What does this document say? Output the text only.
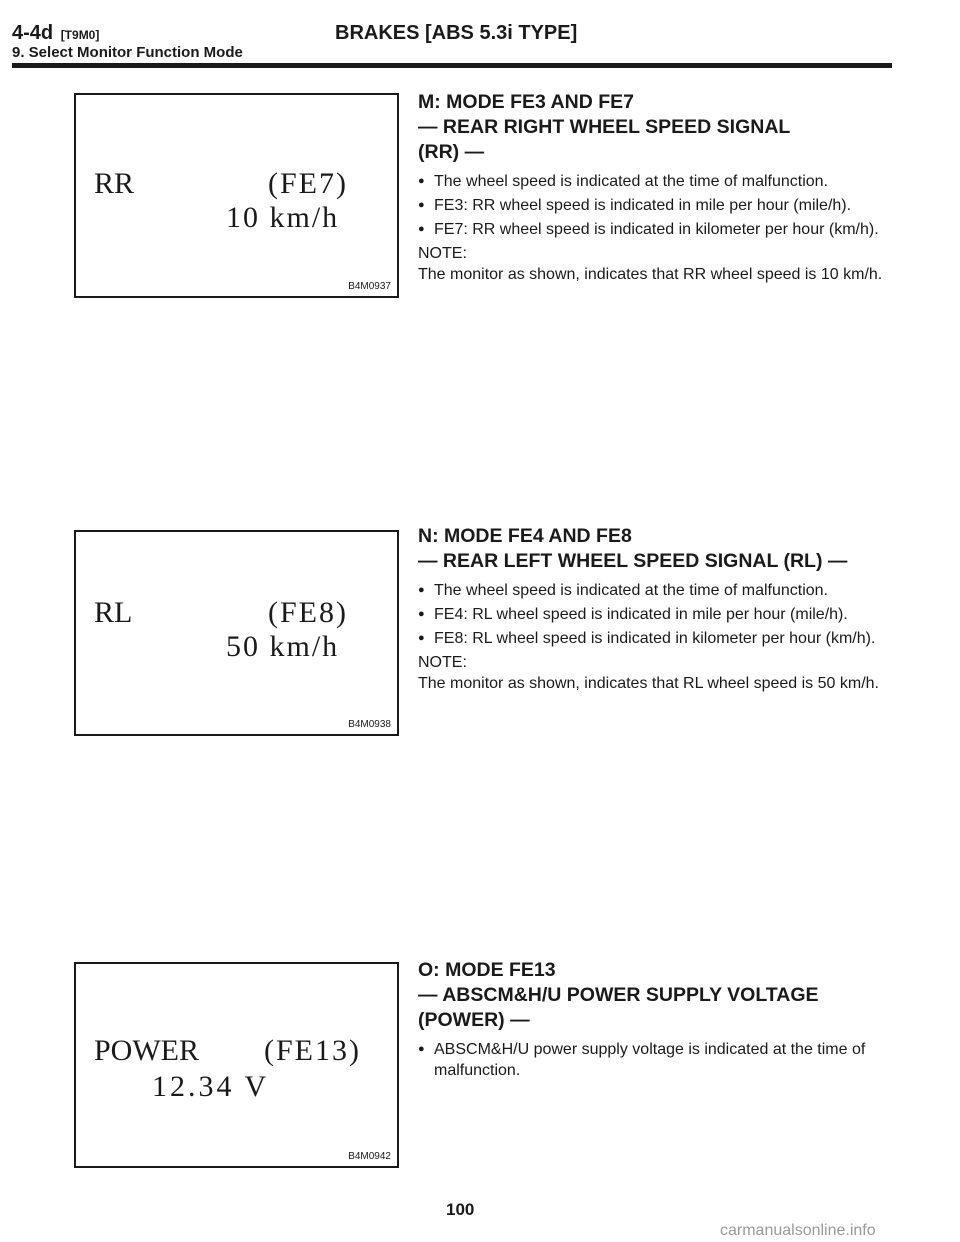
4-4d [T9M0]	BRAKES [ABS 5.3i TYPE]
9. Select Monitor Function Mode
RR	(FE7)
10 km/h
B4M0937
RL	(FE8)
50 km/h
B4M0938
POWER (FE13)
12.34 V
B4M0942
M: MODE FE3 AND FE7
— REAR RIGHT WHEEL SPEED SIGNAL
(RR) —

● The wheel speed is indicated at the time of malfunction.

● FE3: RR wheel speed is indicated in mile per hour (mile/h).

● FE7: RR wheel speed is indicated in kilometer per hour (km/h).

NOTE:

The monitor as shown, indicates that RR wheel speed is 10 km/h.

N: MODE FE4 AND FE8
— REAR LEFT WHEEL SPEED SIGNAL (RL) —

● The wheel speed is indicated at the time of malfunction.

● FE4: RL wheel speed is indicated in mile per hour (mile/h).

● FE8: RL wheel speed is indicated in kilometer per hour (km/h).

NOTE:

The monitor as shown, indicates that RL wheel speed is 50 km/h.

O: MODE FE13
— ABSCM&H/U POWER SUPPLY VOLTAGE
(POWER) —

● ABSCM&H/U power supply voltage is indicated at the time of malfunction.

100
carmanualsonline.info
